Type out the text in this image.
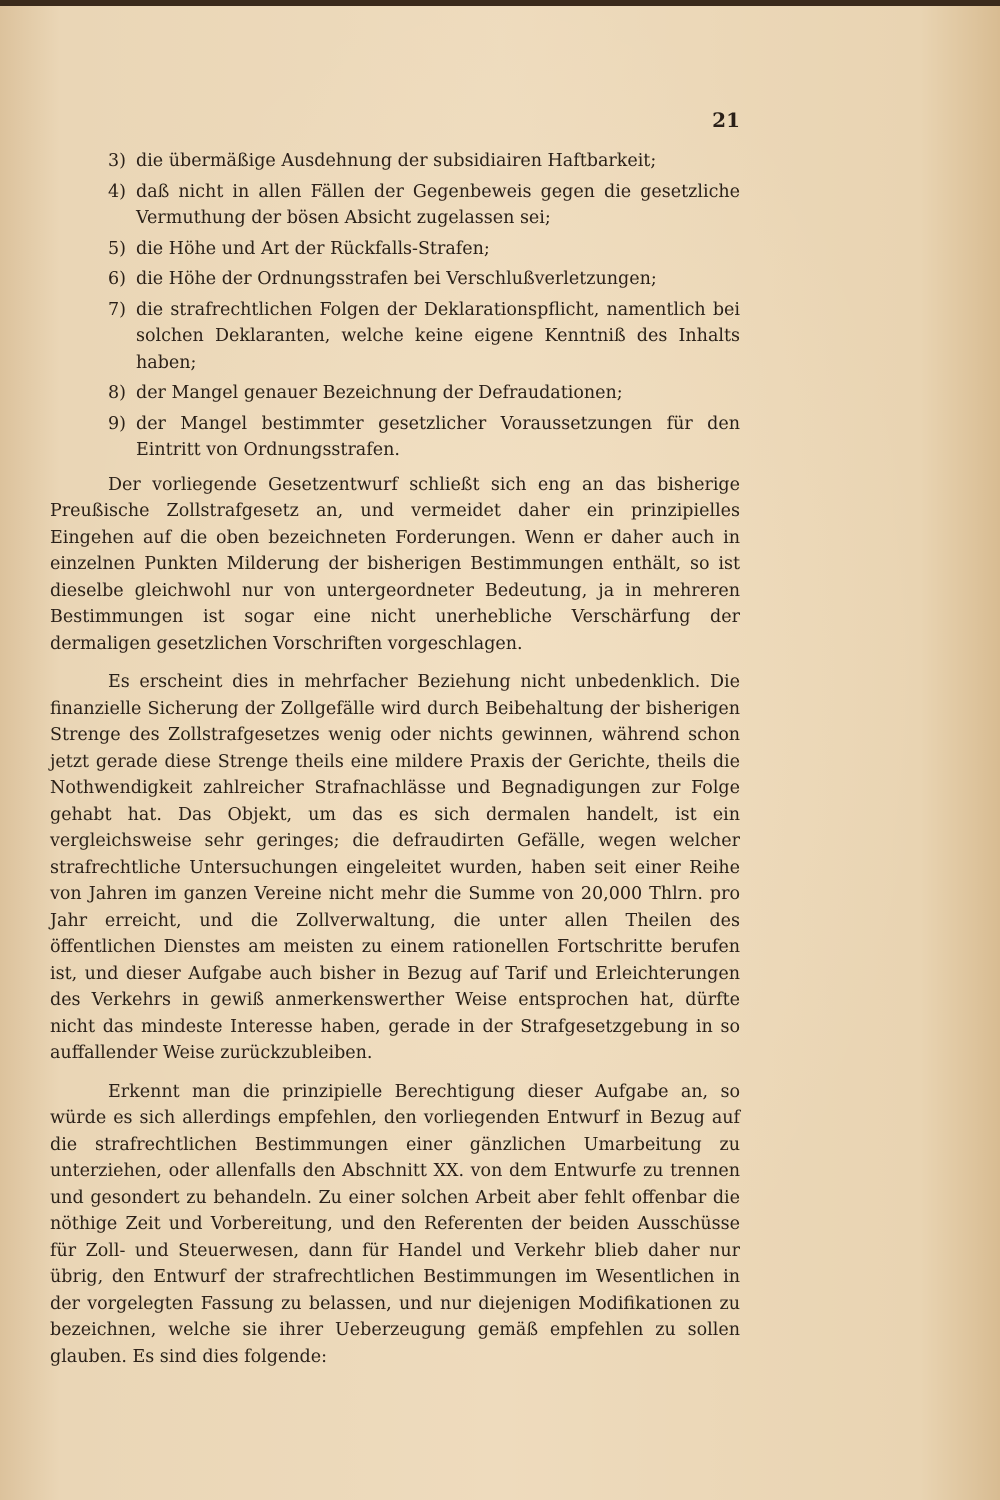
21
3) die übermäßige Ausdehnung der subsidiairen Haftbarkeit;
4) daß nicht in allen Fällen der Gegenbeweis gegen die gesetzliche Vermuthung der bösen Absicht zugelassen sei;
5) die Höhe und Art der Rückfalls-Strafen;
6) die Höhe der Ordnungsstrafen bei Verschlußverletzungen;
7) die strafrechtlichen Folgen der Deklarationspflicht, namentlich bei solchen Deklaranten, welche keine eigene Kenntniß des Inhalts haben;
8) der Mangel genauer Bezeichnung der Defraudationen;
9) der Mangel bestimmter gesetzlicher Voraussetzungen für den Eintritt von Ordnungsstrafen.

Der vorliegende Gesetzentwurf schließt sich eng an das bisherige Preußische Zollstrafgesetz an, und vermeidet daher ein prinzipielles Eingehen auf die oben bezeichneten Forderungen. Wenn er daher auch in einzelnen Punkten Milderung der bisherigen Bestimmungen enthält, so ist dieselbe gleichwohl nur von untergeordneter Bedeutung, ja in mehreren Bestimmungen ist sogar eine nicht unerhebliche Verschärfung der dermaligen gesetzlichen Vorschriften vorgeschlagen.

Es erscheint dies in mehrfacher Beziehung nicht unbedenklich. Die finanzielle Sicherung der Zollgefälle wird durch Beibehaltung der bisherigen Strenge des Zollstrafgesetzes wenig oder nichts gewinnen, während schon jetzt gerade diese Strenge theils eine mildere Praxis der Gerichte, theils die Nothwendigkeit zahlreicher Strafnachlässe und Begnadigungen zur Folge gehabt hat. Das Objekt, um das es sich dermalen handelt, ist ein vergleichsweise sehr geringes; die defraudirten Gefälle, wegen welcher strafrechtliche Untersuchungen eingeleitet wurden, haben seit einer Reihe von Jahren im ganzen Vereine nicht mehr die Summe von 20,000 Thlrn. pro Jahr erreicht, und die Zollverwaltung, die unter allen Theilen des öffentlichen Dienstes am meisten zu einem rationellen Fortschritte berufen ist, und dieser Aufgabe auch bisher in Bezug auf Tarif und Erleichterungen des Verkehrs in gewiß anmerkenswerther Weise entsprochen hat, dürfte nicht das mindeste Interesse haben, gerade in der Strafgesetzgebung in so auffallender Weise zurückzubleiben.

Erkennt man die prinzipielle Berechtigung dieser Aufgabe an, so würde es sich allerdings empfehlen, den vorliegenden Entwurf in Bezug auf die strafrechtlichen Bestimmungen einer gänzlichen Umarbeitung zu unterziehen, oder allenfalls den Abschnitt XX. von dem Entwurfe zu trennen und gesondert zu behandeln. Zu einer solchen Arbeit aber fehlt offenbar die nöthige Zeit und Vorbereitung, und den Referenten der beiden Ausschüsse für Zoll- und Steuerwesen, dann für Handel und Verkehr blieb daher nur übrig, den Entwurf der strafrechtlichen Bestimmungen im Wesentlichen in der vorgelegten Fassung zu belassen, und nur diejenigen Modifikationen zu bezeichnen, welche sie ihrer Ueberzeugung gemäß empfehlen zu sollen glauben. Es sind dies folgende:
